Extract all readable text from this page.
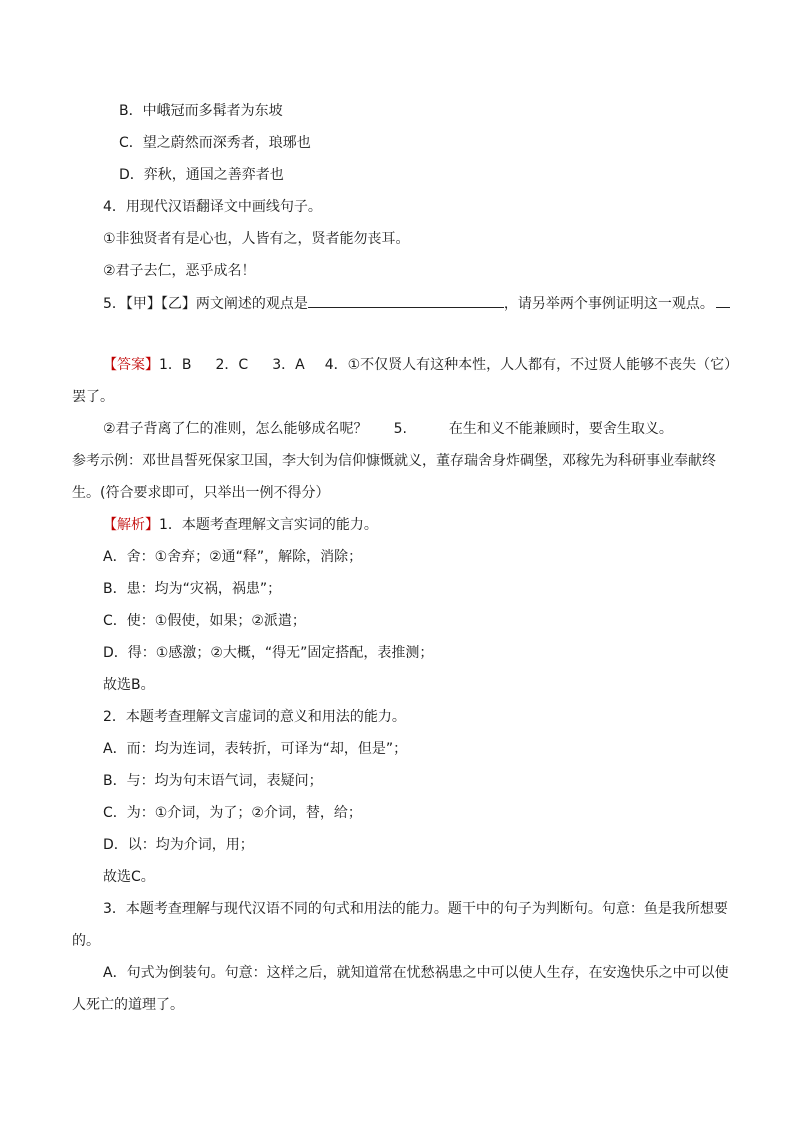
B．中峨冠而多髯者为东坡
C．望之蔚然而深秀者，琅琊也
D．弈秋，通国之善弈者也
4．用现代汉语翻译文中画线句子。
①非独贤者有是心也，人皆有之，贤者能勿丧耳。
②君子去仁，恶乎成名！
5．【甲】【乙】两文阐述的观点是	，请另举两个事例证明这一观点。
【答案】1．B 2．C 3．A 4．①不仅贤人有这种本性，人人都有，不过贤人能够不丧失（它）
罢了。
②君子背离了仁的准则，怎么能够成名呢？ 5.	在生和义不能兼顾时，要舍生取义。
参考示例：邓世昌誓死保家卫国，李大钊为信仰慷慨就义，董存瑞舍身炸碉堡，邓稼先为科研事业奉献终
生。(符合要求即可，只举出一例不得分）
【解析】1．本题考查理解文言实词的能力。
A．舍：①舍弃；②通“释”，解除，消除；
B．患：均为“灾祸，祸患”；
C．使：①假使，如果；②派遣；
D．得：①感激；②大概，“得无”固定搭配，表推测；
故选B。
2．本题考查理解文言虚词的意义和用法的能力。
A．而：均为连词，表转折，可译为“却，但是”；
B．与：均为句末语气词，表疑问；
C．为：①介词，为了；②介词，替，给；
D．以：均为介词，用；
故选C。
3．本题考查理解与现代汉语不同的句式和用法的能力。题干中的句子为判断句。句意：鱼是我所想要
的。
A．句式为倒装句。句意：这样之后，就知道常在忧愁祸患之中可以使人生存，在安逸快乐之中可以使
人死亡的道理了。
